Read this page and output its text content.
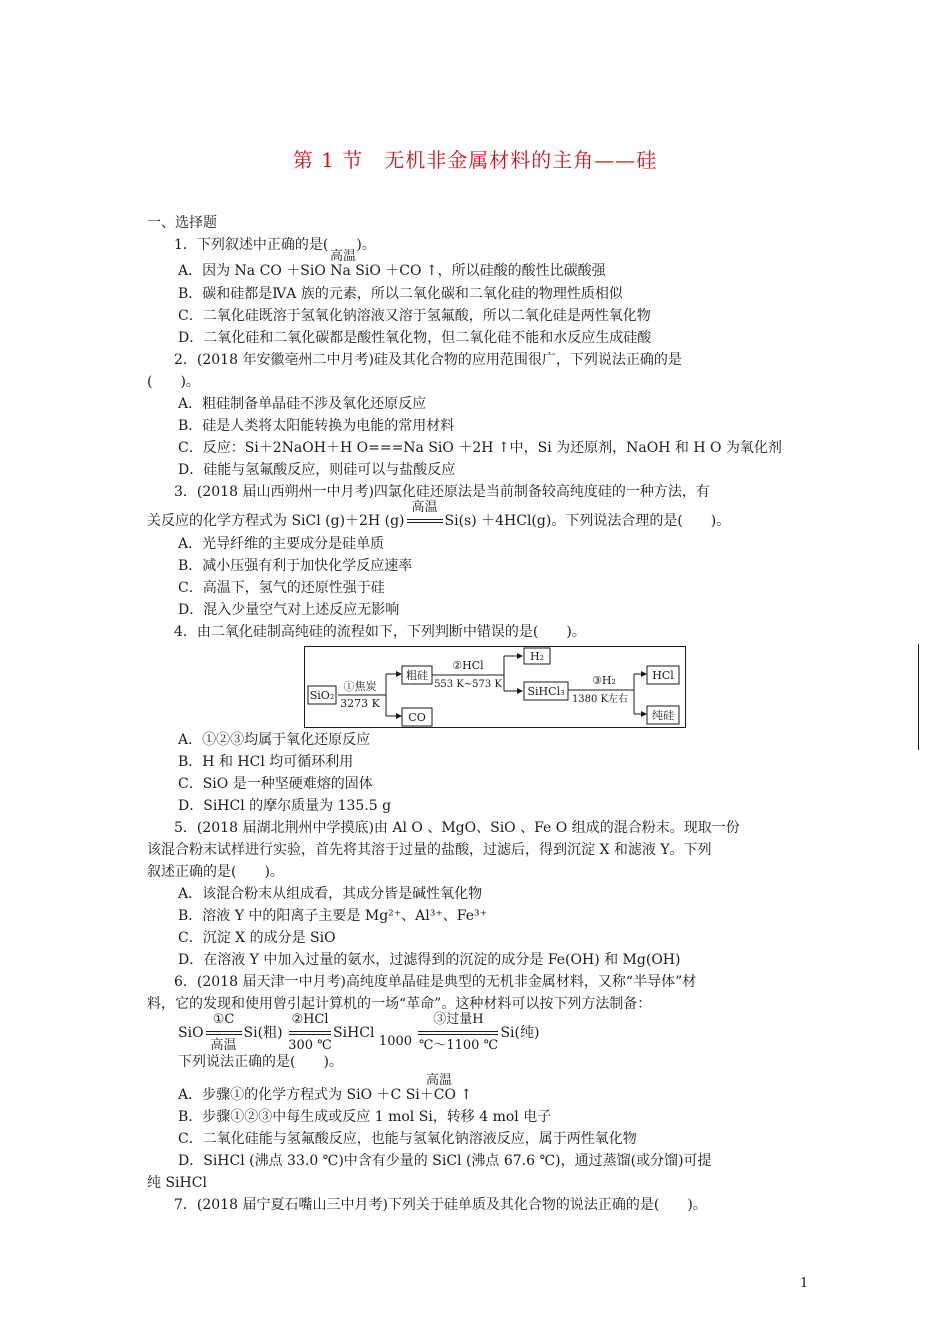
第 1 节　无机非金属材料的主角——硅
一、选择题
1．下列叙述中正确的是(　　)。
A．因为 Na CO ＋SiO Na SiO ＋CO ↑，所以硅酸的酸性比碳酸强
高温
B．碳和硅都是ⅣA 族的元素，所以二氧化碳和二氧化硅的物理性质相似
C．二氧化硅既溶于氢氧化钠溶液又溶于氢氟酸，所以二氧化硅是两性氧化物
D．二氧化硅和二氧化碳都是酸性氧化物，但二氧化硅不能和水反应生成硅酸
2．(2018 年安徽亳州二中月考)硅及其化合物的应用范围很广，下列说法正确的是
(　　)。
A．粗硅制备单晶硅不涉及氧化还原反应
B．硅是人类将太阳能转换为电能的常用材料
C．反应：Si＋2NaOH＋H O===Na SiO ＋2H ↑中，Si 为还原剂，NaOH 和 H O 为氧化剂
D．硅能与氢氟酸反应，则硅可以与盐酸反应
3．(2018 届山西朔州一中月考)四氯化硅还原法是当前制备较高纯度硅的一种方法，有
关反应的化学方程式为 SiCl (g)＋2H (g)
高温
Si(s) ＋4HCl(g)。下列说法合理的是(　　)。
A．光导纤维的主要成分是硅单质
B．减小压强有利于加快化学反应速率
C．高温下，氢气的还原性强于硅
D．混入少量空气对上述反应无影响
4．由二氧化硅制高纯硅的流程如下，下列判断中错误的是(　　)。
SiO₂
①焦炭
3273 K
粗硅
CO
②HCl
553 K~573 K
H₂
SiHCl₃
③H₂
1380 K左右
HCl
纯硅
A．①②③均属于氧化还原反应
B．H 和 HCl 均可循环利用
C．SiO 是一种坚硬难熔的固体
D．SiHCl 的摩尔质量为 135.5 g
5．(2018 届湖北荆州中学摸底)由 Al O 、MgO、SiO 、Fe O 组成的混合粉末。现取一份
该混合粉末试样进行实验，首先将其溶于过量的盐酸，过滤后，得到沉淀 X 和滤液 Y。下列
叙述正确的是(　　)。
A．该混合粉末从组成看，其成分皆是碱性氧化物
B．溶液 Y 中的阳离子主要是 Mg²⁺、Al³⁺、Fe³⁺
C．沉淀 X 的成分是 SiO
D．在溶液 Y 中加入过量的氨水，过滤得到的沉淀的成分是 Fe(OH) 和 Mg(OH)
6．(2018 届天津一中月考)高纯度单晶硅是典型的无机非金属材料，又称“半导体”材
料，它的发现和使用曾引起计算机的一场“革命”。这种材料可以按下列方法制备：
SiO
①C
高温
Si(粗)
②HCl
300 ℃
SiHCl 1000
③过量H
℃～1100 ℃
Si(纯)
下列说法正确的是(　　)。
A．步骤①的化学方程式为 SiO ＋C Si＋CO ↑
高温
B．步骤①②③中每生成或反应 1 mol Si，转移 4 mol 电子
C．二氧化硅能与氢氟酸反应，也能与氢氧化钠溶液反应，属于两性氧化物
D．SiHCl (沸点 33.0 ℃)中含有少量的 SiCl (沸点 67.6 ℃)，通过蒸馏(或分馏)可提
纯 SiHCl
7．(2018 届宁夏石嘴山三中月考)下列关于硅单质及其化合物的说法正确的是(　　)。
1
